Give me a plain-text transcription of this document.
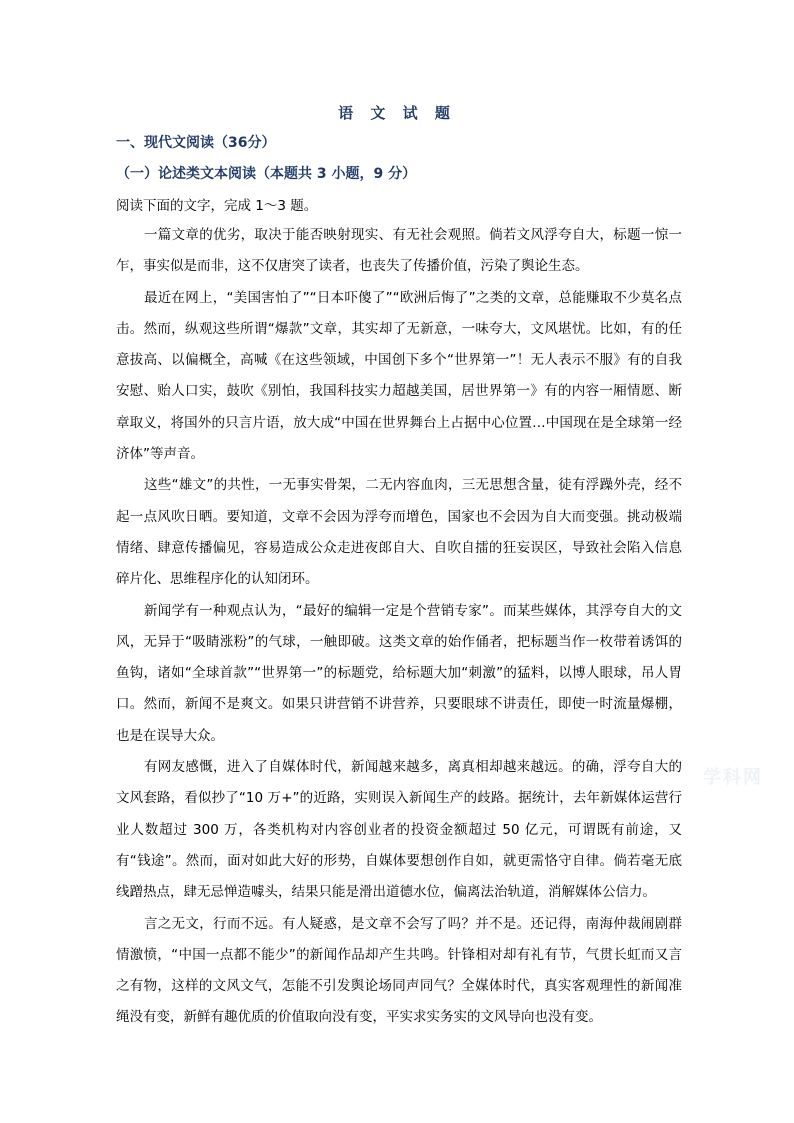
语 文 试 题
一、现代文阅读（36分）
（一）论述类文本阅读（本题共 3 小题，9 分）
阅读下面的文字，完成 1～3 题。

一篇文章的优劣，取决于能否映射现实、有无社会观照。倘若文风浮夸自大，标题一惊一乍，事实似是而非，这不仅唐突了读者，也丧失了传播价值，污染了舆论生态。

最近在网上，“美国害怕了”“日本吓傻了”“欧洲后悔了”之类的文章，总能赚取不少莫名点击。然而，纵观这些所谓“爆款”文章，其实却了无新意，一味夸大，文风堪忧。比如，有的任意拔高、以偏概全，高喊《在这些领域，中国创下多个“世界第一”！无人表示不服》有的自我安慰、贻人口实，鼓吹《别怕，我国科技实力超越美国，居世界第一》有的内容一厢情愿、断章取义，将国外的只言片语，放大成“中国在世界舞台上占据中心位置…中国现在是全球第一经济体”等声音。

这些“雄文”的共性，一无事实骨架，二无内容血肉，三无思想含量，徒有浮躁外壳，经不起一点风吹日晒。要知道，文章不会因为浮夸而增色，国家也不会因为自大而变强。挑动极端情绪、肆意传播偏见，容易造成公众走进夜郎自大、自吹自擂的狂妄误区，导致社会陷入信息碎片化、思维程序化的认知闭环。

新闻学有一种观点认为，“最好的编辑一定是个营销专家”。而某些媒体，其浮夸自大的文风，无异于“吸睛涨粉”的气球，一触即破。这类文章的始作俑者，把标题当作一枚带着诱饵的鱼钩，诸如“全球首款”“世界第一”的标题党，给标题大加“刺激”的猛料，以博人眼球，吊人胃口。然而，新闻不是爽文。如果只讲营销不讲营养，只要眼球不讲责任，即使一时流量爆棚，也是在误导大众。

有网友感慨，进入了自媒体时代，新闻越来越多，离真相却越来越远。的确，浮夸自大的文风套路，看似抄了“10 万+”的近路，实则误入新闻生产的歧路。据统计，去年新媒体运营行业人数超过 300 万，各类机构对内容创业者的投资金额超过 50 亿元，可谓既有前途，又有“钱途”。然而，面对如此大好的形势，自媒体要想创作自如，就更需恪守自律。倘若毫无底线蹭热点，肆无忌惮造噱头，结果只能是滑出道德水位，偏离法治轨道，消解媒体公信力。

言之无文，行而不远。有人疑惑，是文章不会写了吗？并不是。还记得，南海仲裁闹剧群情激愤，“中国一点都不能少”的新闻作品却产生共鸣。针锋相对却有礼有节，气贯长虹而又言之有物，这样的文风文气，怎能不引发舆论场同声同气？全媒体时代，真实客观理性的新闻准绳没有变，新鲜有趣优质的价值取向没有变，平实求实务实的文风导向也没有变。

学科网
